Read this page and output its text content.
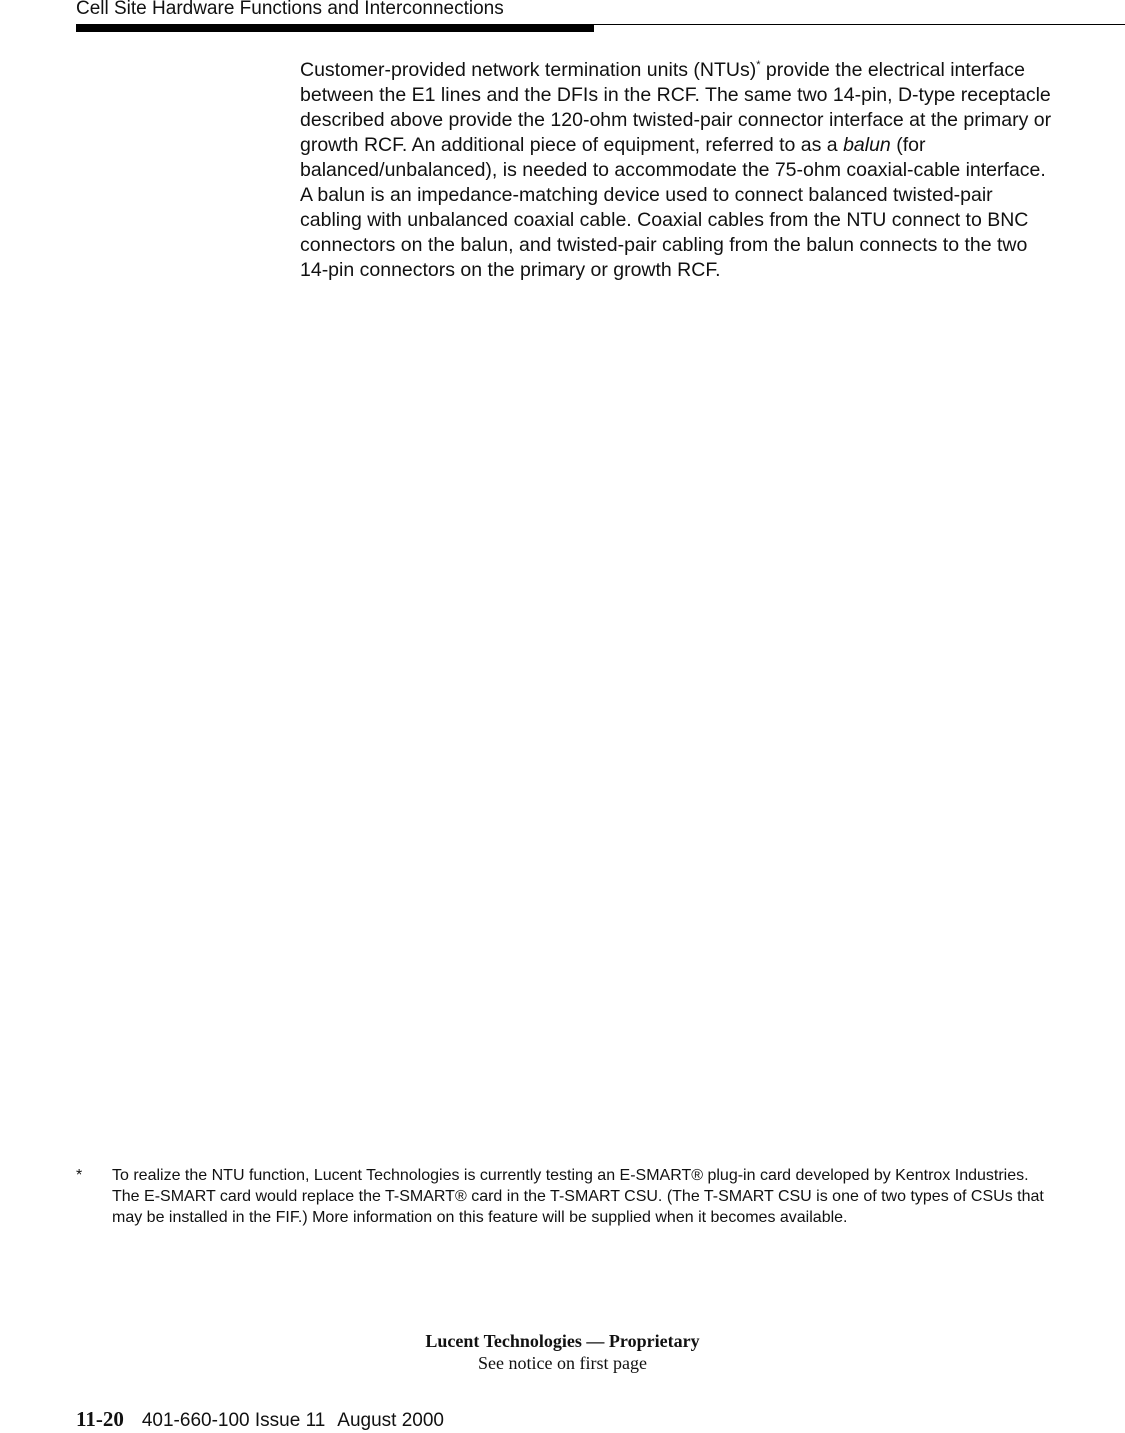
Cell Site Hardware Functions and Interconnections

Customer-provided network termination units (NTUs)* provide the electrical interface between the E1 lines and the DFIs in the RCF. The same two 14-pin, D-type receptacle described above provide the 120-ohm twisted-pair connector interface at the primary or growth RCF. An additional piece of equipment, referred to as a balun (for balanced/unbalanced), is needed to accommodate the 75-ohm coaxial-cable interface. A balun is an impedance-matching device used to connect balanced twisted-pair cabling with unbalanced coaxial cable. Coaxial cables from the NTU connect to BNC connectors on the balun, and twisted-pair cabling from the balun connects to the two 14-pin connectors on the primary or growth RCF.

*	To realize the NTU function, Lucent Technologies is currently testing an E-SMART® plug-in card developed by Kentrox Industries. The E-SMART card would replace the T-SMART® card in the T-SMART CSU. (The T-SMART CSU is one of two types of CSUs that may be installed in the FIF.) More information on this feature will be supplied when it becomes available.
Lucent Technologies — Proprietary
See notice on first page
11-20 401-660-100 Issue 11 August 2000
